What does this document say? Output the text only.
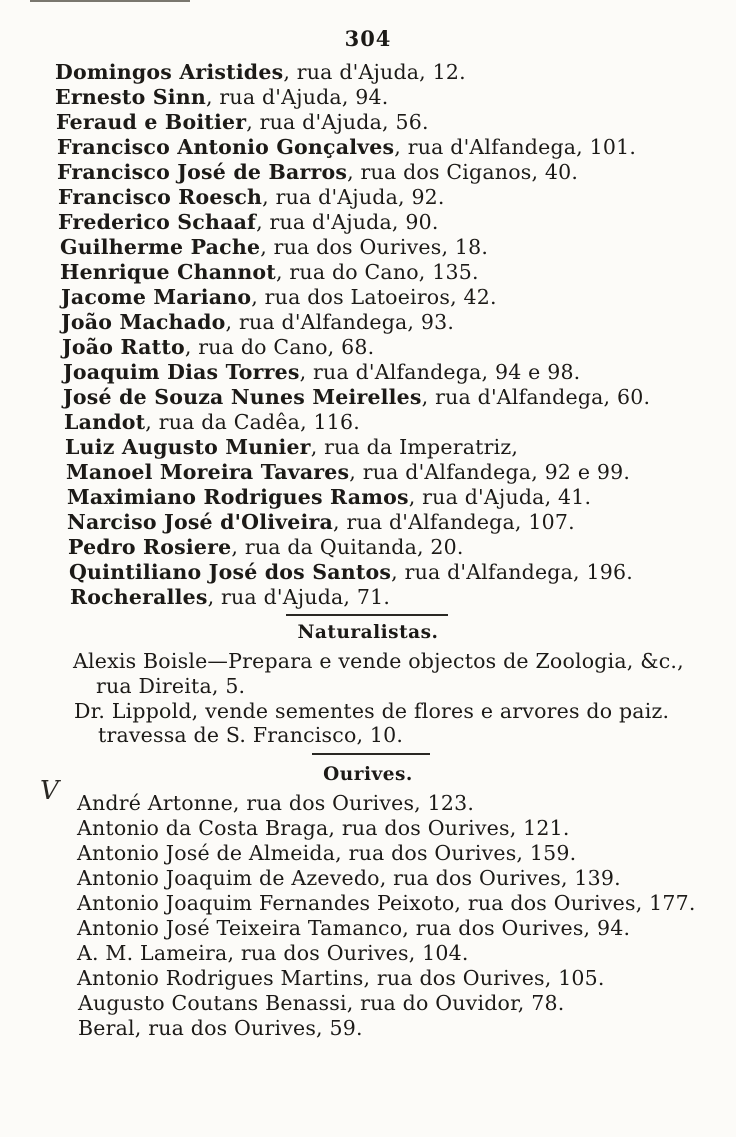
304
Domingos Aristides, rua d'Ajuda, 12.
Ernesto Sinn, rua d'Ajuda, 94.
Feraud e Boitier, rua d'Ajuda, 56.
Francisco Antonio Gonçalves, rua d'Alfandega, 101.
Francisco José de Barros, rua dos Ciganos, 40.
Francisco Roesch, rua d'Ajuda, 92.
Frederico Schaaf, rua d'Ajuda, 90.
Guilherme Pache, rua dos Ourives, 18.
Henrique Channot, rua do Cano, 135.
Jacome Mariano, rua dos Latoeiros, 42.
João Machado, rua d'Alfandega, 93.
João Ratto, rua do Cano, 68.
Joaquim Dias Torres, rua d'Alfandega, 94 e 98.
José de Souza Nunes Meirelles, rua d'Alfandega, 60.
Landot, rua da Cadêa, 116.
Luiz Augusto Munier, rua da Imperatriz,
Manoel Moreira Tavares, rua d'Alfandega, 92 e 99.
Maximiano Rodrigues Ramos, rua d'Ajuda, 41.
Narciso José d'Oliveira, rua d'Alfandega, 107.
Pedro Rosiere, rua da Quitanda, 20.
Quintiliano José dos Santos, rua d'Alfandega, 196.
Rocheralles, rua d'Ajuda, 71.
Naturalistas.
Alexis Boisle—Prepara e vende objectos de Zoologia, &c.,
rua Direita, 5.
Dr. Lippold, vende sementes de flores e arvores do paiz.
travessa de S. Francisco, 10.
Ourives.
V André Artonne, rua dos Ourives, 123.
Antonio da Costa Braga, rua dos Ourives, 121.
Antonio José de Almeida, rua dos Ourives, 159.
Antonio Joaquim de Azevedo, rua dos Ourives, 139.
Antonio Joaquim Fernandes Peixoto, rua dos Ourives, 177.
Antonio José Teixeira Tamanco, rua dos Ourives, 94.
A. M. Lameira, rua dos Ourives, 104.
Antonio Rodrigues Martins, rua dos Ourives, 105.
Augusto Coutans Benassi, rua do Ouvidor, 78.
Beral, rua dos Ourives, 59.
